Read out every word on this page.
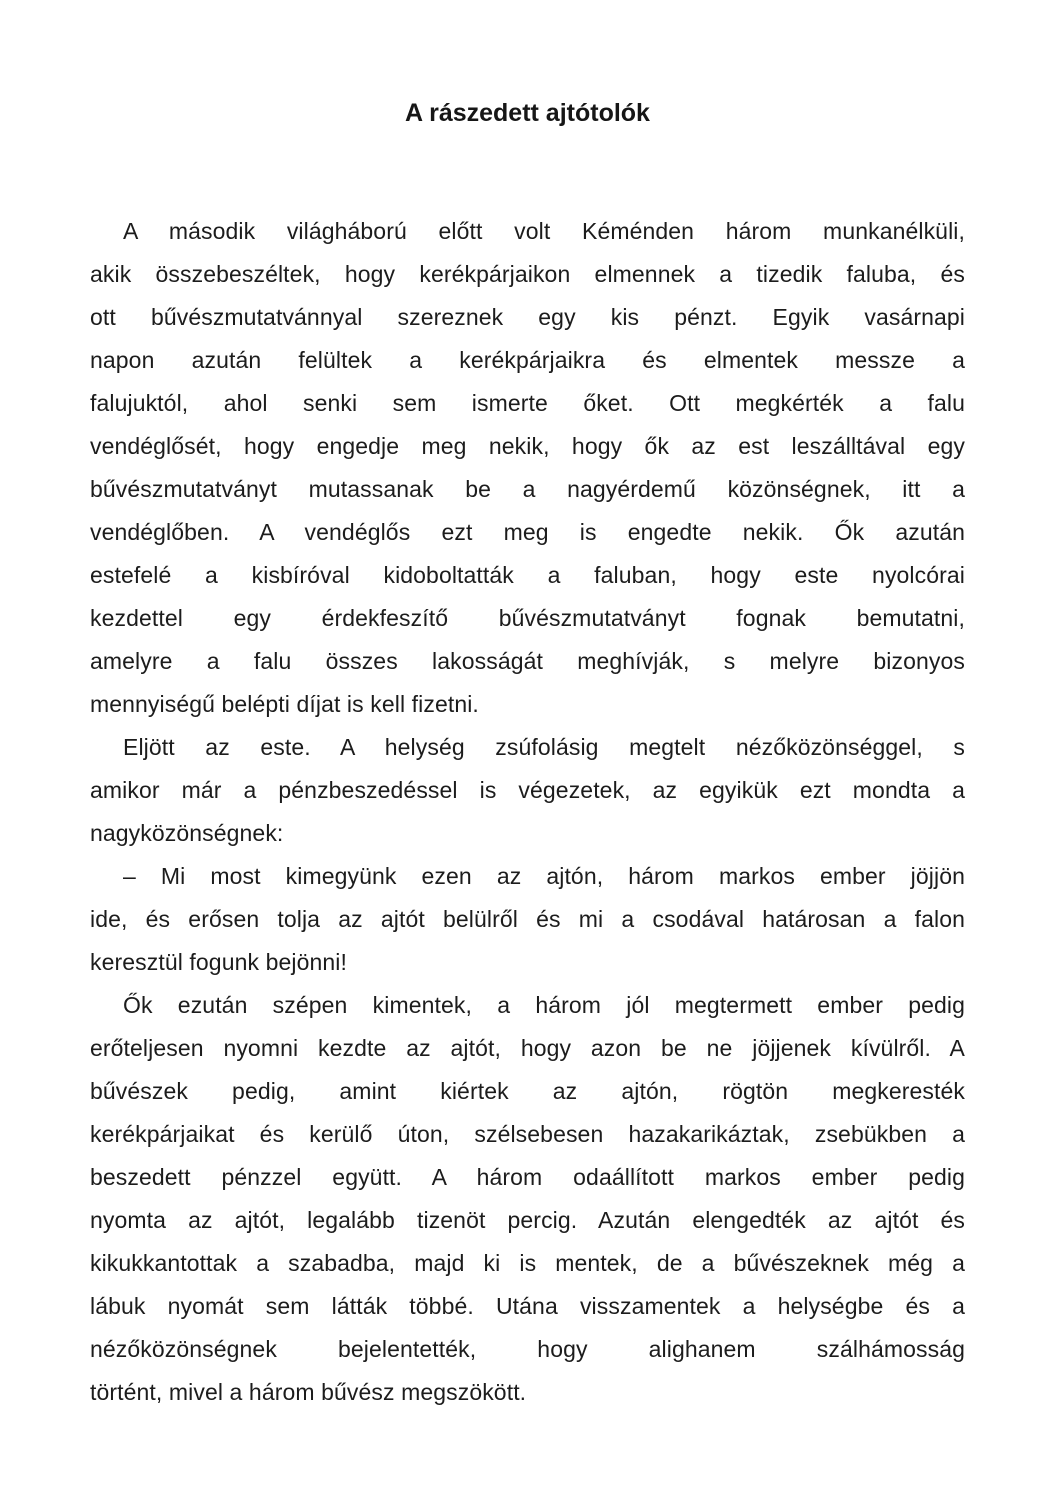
A rászedett ajtótolók

A második világháború előtt volt Kéménden három munkanélküli,
akik összebeszéltek, hogy kerékpárjaikon elmennek a tizedik faluba, és
ott bűvészmutatvánnyal szereznek egy kis pénzt. Egyik vasárnapi
napon azután felültek a kerékpárjaikra és elmentek messze a
falujuktól, ahol senki sem ismerte őket. Ott megkérték a falu
vendéglősét, hogy engedje meg nekik, hogy ők az est leszálltával egy
bűvészmutatványt mutassanak be a nagyérdemű közönségnek, itt a
vendéglőben. A vendéglős ezt meg is engedte nekik. Ők azután
estefelé a kisbíróval kidoboltatták a faluban, hogy este nyolcórai
kezdettel egy érdekfeszítő bűvészmutatványt fognak bemutatni,
amelyre a falu összes lakosságát meghívják, s melyre bizonyos
mennyiségű belépti díjat is kell fizetni.

Eljött az este. A helység zsúfolásig megtelt nézőközönséggel, s
amikor már a pénzbeszedéssel is végezetek, az egyikük ezt mondta a
nagyközönségnek:

– Mi most kimegyünk ezen az ajtón, három markos ember jöjjön
ide, és erősen tolja az ajtót belülről és mi a csodával határosan a falon
keresztül fogunk bejönni!

Ők ezután szépen kimentek, a három jól megtermett ember pedig
erőteljesen nyomni kezdte az ajtót, hogy azon be ne jöjjenek kívülről. A
bűvészek pedig, amint kiértek az ajtón, rögtön megkeresték
kerékpárjaikat és kerülő úton, szélsebesen hazakarikáztak, zsebükben a
beszedett pénzzel együtt. A három odaállított markos ember pedig
nyomta az ajtót, legalább tizenöt percig. Azután elengedték az ajtót és
kikukkantottak a szabadba, majd ki is mentek, de a bűvészeknek még a
lábuk nyomát sem látták többé. Utána visszamentek a helységbe és a
nézőközönségnek bejelentették, hogy alighanem szálhámosság
történt, mivel a három bűvész megszökött.
